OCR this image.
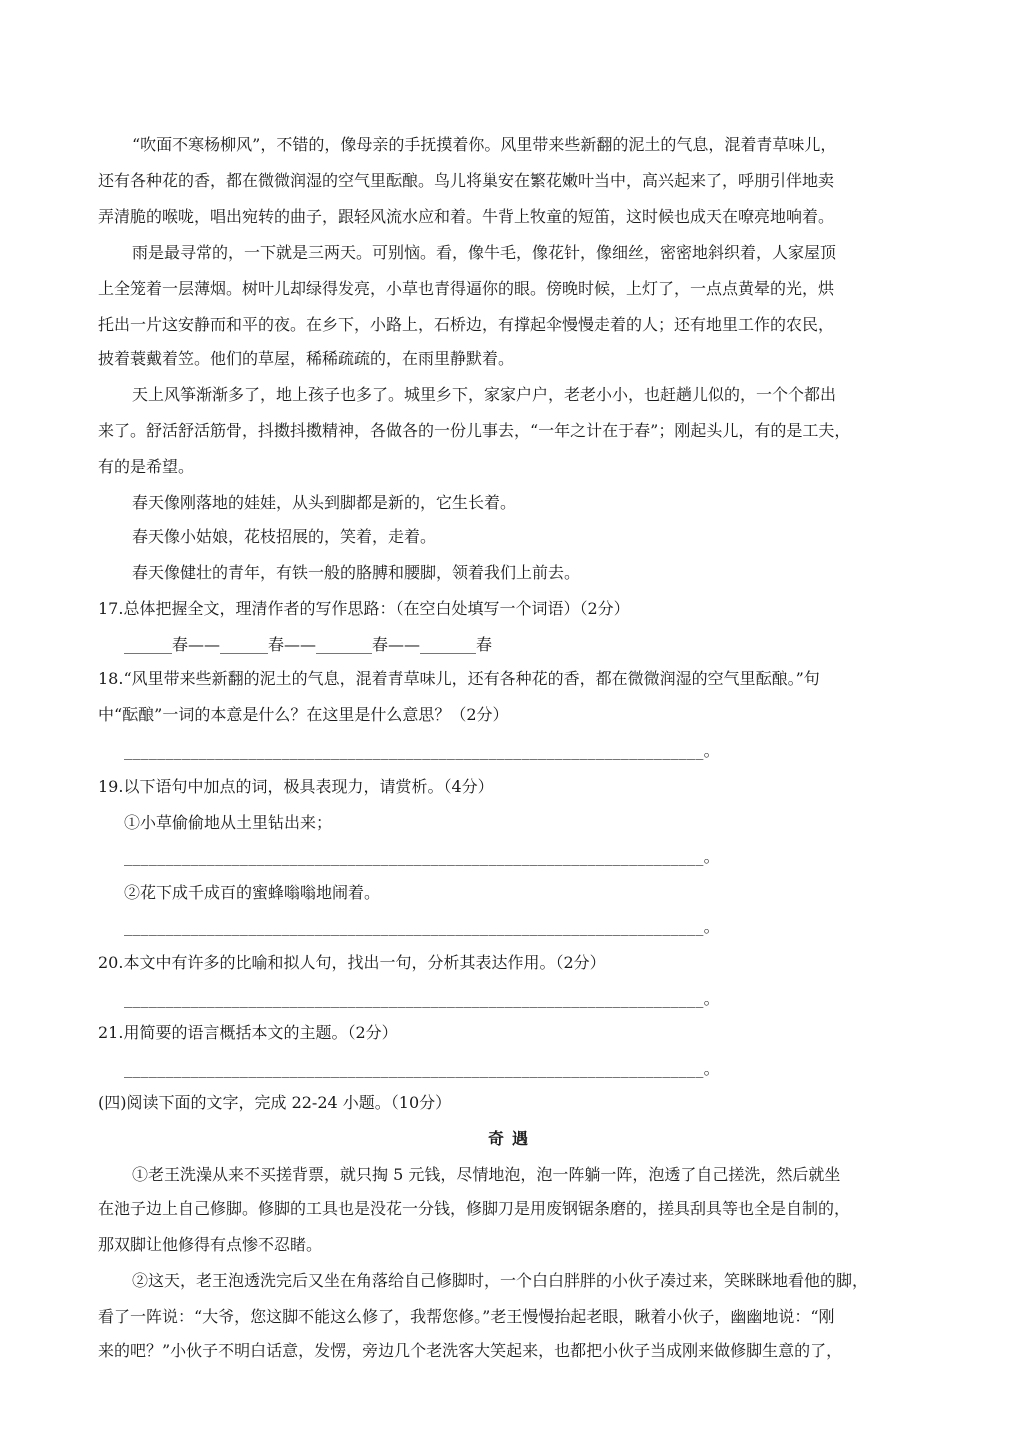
“吹面不寒杨柳风”，不错的，像母亲的手抚摸着你。风里带来些新翻的泥土的气息，混着青草味儿，
还有各种花的香，都在微微润湿的空气里酝酿。鸟儿将巢安在繁花嫩叶当中，高兴起来了，呼朋引伴地卖
弄清脆的喉咙，唱出宛转的曲子，跟轻风流水应和着。牛背上牧童的短笛，这时候也成天在嘹亮地响着。
雨是最寻常的，一下就是三两天。可别恼。看，像牛毛，像花针，像细丝，密密地斜织着，人家屋顶
上全笼着一层薄烟。树叶儿却绿得发亮，小草也青得逼你的眼。傍晚时候，上灯了，一点点黄晕的光，烘
托出一片这安静而和平的夜。在乡下，小路上，石桥边，有撑起伞慢慢走着的人；还有地里工作的农民，
披着蓑戴着笠。他们的草屋，稀稀疏疏的，在雨里静默着。
天上风筝渐渐多了，地上孩子也多了。城里乡下，家家户户，老老小小，也赶趟儿似的，一个个都出
来了。舒活舒活筋骨，抖擞抖擞精神，各做各的一份儿事去，“一年之计在于春”；刚起头儿，有的是工夫，
有的是希望。
春天像刚落地的娃娃，从头到脚都是新的，它生长着。
春天像小姑娘，花枝招展的，笑着，走着。
春天像健壮的青年，有铁一般的胳膊和腰脚，领着我们上前去。
17.总体把握全文，理清作者的写作思路：（在空白处填写一个词语）（2分）
______春——______春——_______春——_______春
18.“风里带来些新翻的泥土的气息，混着青草味儿，还有各种花的香，都在微微润湿的空气里酝酿。”句
中“酝酿”一词的本意是什么？在这里是什么意思？（2分）
______________________________________________________________________。
19.以下语句中加点的词，极具表现力，请赏析。（4分）
①小草偷偷地从土里钻出来；
______________________________________________________________________。
②花下成千成百的蜜蜂嗡嗡地闹着。
______________________________________________________________________。
20.本文中有许多的比喻和拟人句，找出一句，分析其表达作用。（2分）
______________________________________________________________________。
21.用简要的语言概括本文的主题。（2分）
______________________________________________________________________。
(四)阅读下面的文字，完成 22-24 小题。（10分）
奇遇
①老王洗澡从来不买搓背票，就只掏 5 元钱，尽情地泡，泡一阵躺一阵，泡透了自己搓洗，然后就坐
在池子边上自己修脚。修脚的工具也是没花一分钱，修脚刀是用废钢锯条磨的，搓具刮具等也全是自制的，
那双脚让他修得有点惨不忍睹。
②这天，老王泡透洗完后又坐在角落给自己修脚时，一个白白胖胖的小伙子凑过来，笑眯眯地看他的脚，
看了一阵说：“大爷，您这脚不能这么修了，我帮您修。”老王慢慢抬起老眼，瞅着小伙子，幽幽地说：“刚
来的吧？”小伙子不明白话意，发愣，旁边几个老洗客大笑起来，也都把小伙子当成刚来做修脚生意的了，
